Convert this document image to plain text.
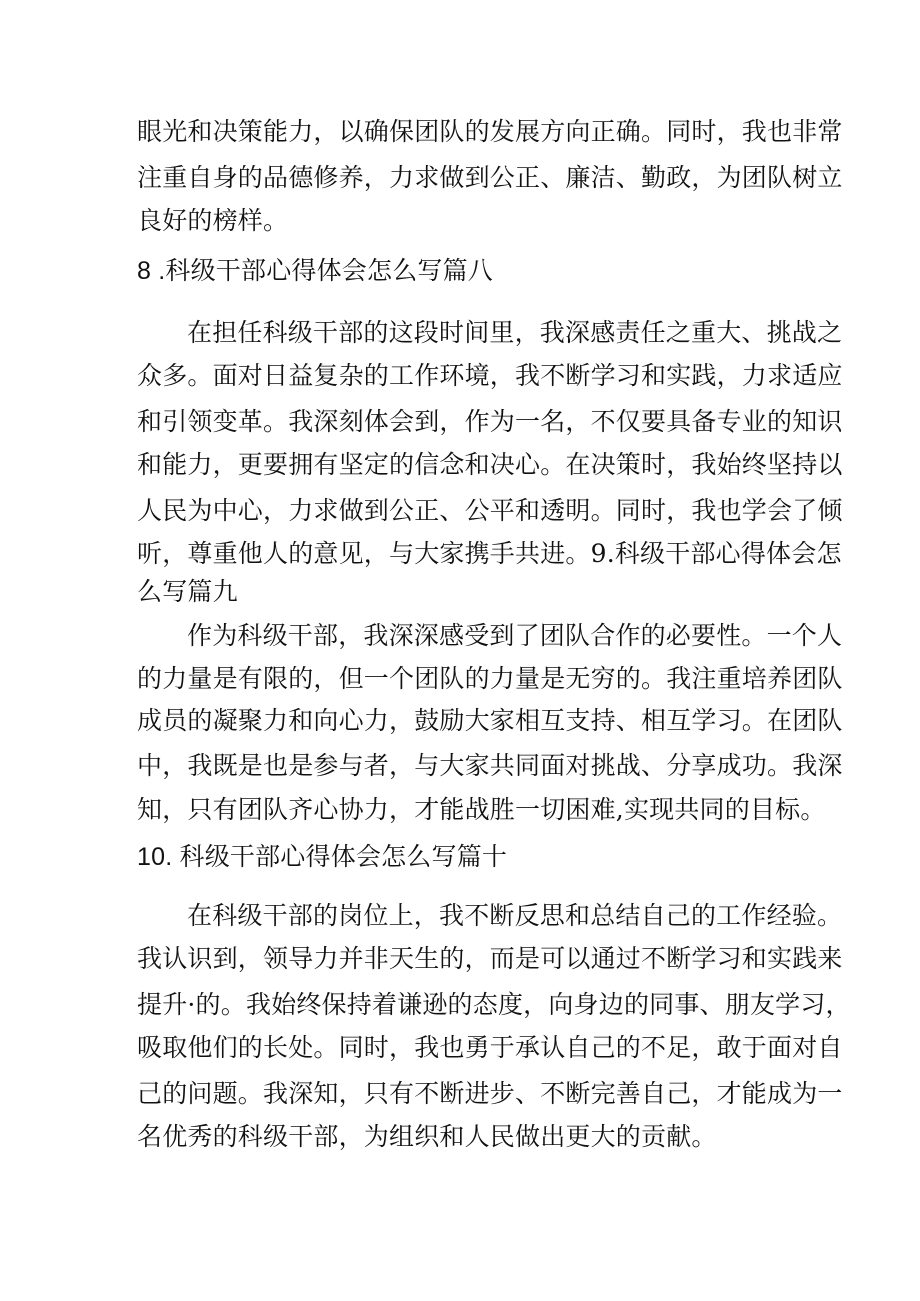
眼光和决策能力，以确保团队的发展方向正确。同时，我也非常

注重自身的品德修养，力求做到公正、廉洁、勤政，为团队树立

良好的榜样。

8 .科级干部心得体会怎么写篇八

在担任科级干部的这段时间里，我深感责任之重大、挑战之

众多。面对日益复杂的工作环境，我不断学习和实践，力求适应

和引领变革。我深刻体会到，作为一名，不仅要具备专业的知识

和能力，更要拥有坚定的信念和决心。在决策时，我始终坚持以

人民为中心，力求做到公正、公平和透明。同时，我也学会了倾

听，尊重他人的意见，与大家携手共进。9.科级干部心得体会怎

么写篇九

作为科级干部，我深深感受到了团队合作的必要性。一个人

的力量是有限的，但一个团队的力量是无穷的。我注重培养团队

成员的凝聚力和向心力，鼓励大家相互支持、相互学习。在团队

中，我既是也是参与者，与大家共同面对挑战、分享成功。我深

知，只有团队齐心协力，才能战胜一切困难,实现共同的目标。

10. 科级干部心得体会怎么写篇十

在科级干部的岗位上，我不断反思和总结自己的工作经验。

我认识到，领导力并非天生的，而是可以通过不断学习和实践来

提升·的。我始终保持着谦逊的态度，向身边的同事、朋友学习，

吸取他们的长处。同时，我也勇于承认自己的不足，敢于面对自

己的问题。我深知，只有不断进步、不断完善自己，才能成为一

名优秀的科级干部，为组织和人民做出更大的贡献。
